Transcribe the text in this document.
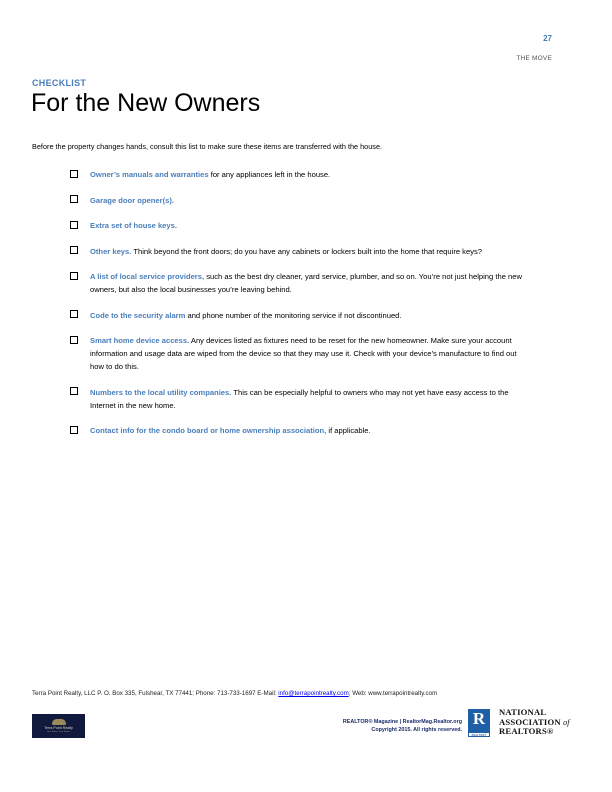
27
THE MOVE
CHECKLIST
For the New Owners
Before the property changes hands, consult this list to make sure these items are transferred with the house.
Owner’s manuals and warranties for any appliances left in the house.
Garage door opener(s).
Extra set of house keys.
Other keys. Think beyond the front doors; do you have any cabinets or lockers built into the home that require keys?
A list of local service providers, such as the best dry cleaner, yard service, plumber, and so on. You’re not just helping the new owners, but also the local businesses you’re leaving behind.
Code to the security alarm and phone number of the monitoring service if not discontinued.
Smart home device access. Any devices listed as fixtures need to be reset for the new homeowner. Make sure your account information and usage data are wiped from the device so that they may use it. Check with your device’s manufacture to find out how to do this.
Numbers to the local utility companies. This can be especially helpful to owners who may not yet have easy access to the Internet in the new home.
Contact info for the condo board or home ownership association, if applicable.
Terra Point Realty, LLC P. O. Box 335, Fulshear, TX 77441; Phone: 713-733-1697 E-Mail: info@terrapointrealty.com; Web: www.terrapointrealty.com
Terra Point Realty
Your Home, Your Future
REALTOR® Magazine | RealtorMag.Realtor.org
Copyright 2015. All rights reserved.
R
REALTOR®
NATIONAL
ASSOCIATION of
REALTORS®
